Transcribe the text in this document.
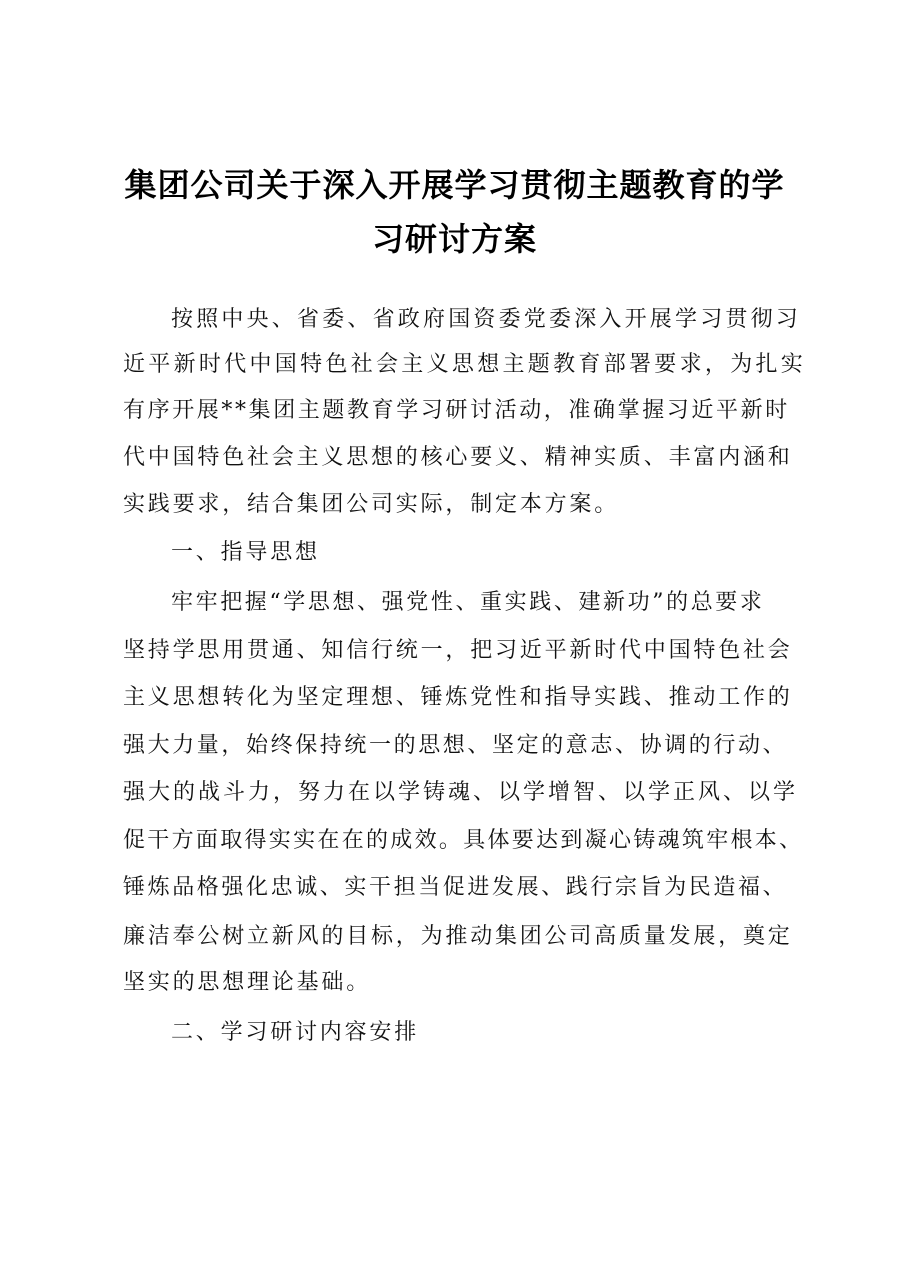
集团公司关于深入开展学习贯彻主题教育的学
习研讨方案
按照中央、省委、省政府国资委党委深入开展学习贯彻习
近平新时代中国特色社会主义思想主题教育部署要求，为扎实
有序开展**集团主题教育学习研讨活动，准确掌握习近平新时
代中国特色社会主义思想的核心要义、精神实质、丰富内涵和
实践要求，结合集团公司实际，制定本方案。
一、指导思想
牢牢把握“学思想、强党性、重实践、建新功”的总要求
坚持学思用贯通、知信行统一，把习近平新时代中国特色社会
主义思想转化为坚定理想、锤炼党性和指导实践、推动工作的
强大力量，始终保持统一的思想、坚定的意志、协调的行动、
强大的战斗力，努力在以学铸魂、以学增智、以学正风、以学
促干方面取得实实在在的成效。具体要达到凝心铸魂筑牢根本、
锤炼品格强化忠诚、实干担当促进发展、践行宗旨为民造福、
廉洁奉公树立新风的目标，为推动集团公司高质量发展，奠定
坚实的思想理论基础。
二、学习研讨内容安排
